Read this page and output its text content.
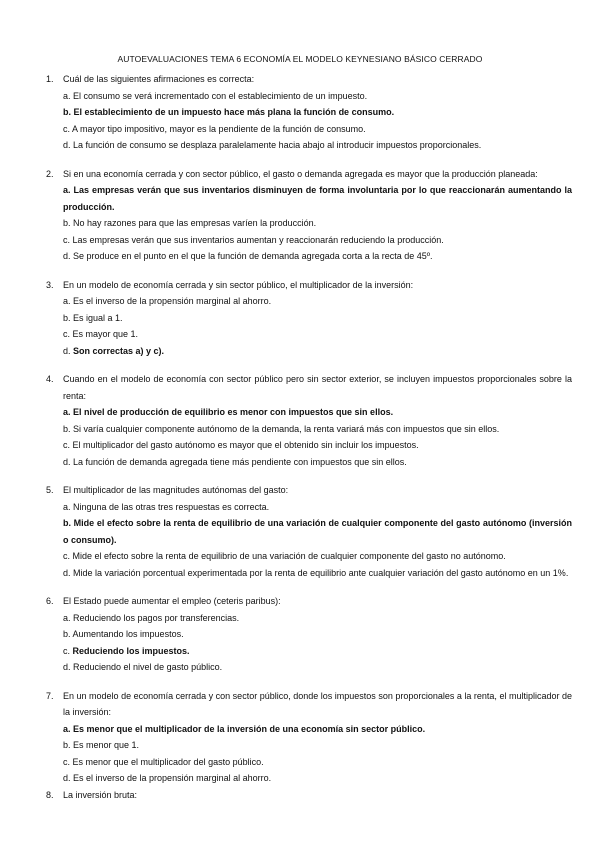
AUTOEVALUACIONES TEMA 6 ECONOMÍA EL MODELO KEYNESIANO BÁSICO CERRADO
1.	Cuál de las siguientes afirmaciones es correcta:
a. El consumo se verá incrementado con el establecimiento de un impuesto.
b. El establecimiento de un impuesto hace más plana la función de consumo.
c. A mayor tipo impositivo, mayor es la pendiente de la función de consumo.
d. La función de consumo se desplaza paralelamente hacia abajo al introducir impuestos proporcionales.
2.	Si en una economía cerrada y con sector público, el gasto o demanda agregada es mayor que la producción planeada:
a. Las empresas verán que sus inventarios disminuyen de forma involuntaria por lo que reaccionarán aumentando la producción.
b. No hay razones para que las empresas varíen la producción.
c. Las empresas verán que sus inventarios aumentan y reaccionarán reduciendo la producción.
d. Se produce en el punto en el que la función de demanda agregada corta a la recta de 45º.
3.	En un modelo de economía cerrada y sin sector público, el multiplicador de la inversión:
a. Es el inverso de la propensión marginal al ahorro.
b. Es igual a 1.
c. Es mayor que 1.
d. Son correctas a) y c).
4.	Cuando en el modelo de economía con sector público pero sin sector exterior, se incluyen impuestos proporcionales sobre la renta:
a. El nivel de producción de equilibrio es menor con impuestos que sin ellos.
b. Si varía cualquier componente autónomo de la demanda, la renta variará más con impuestos que sin ellos.
c. El multiplicador del gasto autónomo es mayor que el obtenido sin incluir los impuestos.
d. La función de demanda agregada tiene más pendiente con impuestos que sin ellos.
5.	El multiplicador de las magnitudes autónomas del gasto:
a. Ninguna de las otras tres respuestas es correcta.
b. Mide el efecto sobre la renta de equilibrio de una variación de cualquier componente del gasto autónomo (inversión o consumo).
c. Mide el efecto sobre la renta de equilibrio de una variación de cualquier componente del gasto no autónomo.
d. Mide la variación porcentual experimentada por la renta de equilibrio ante cualquier variación del gasto autónomo en un 1%.
6.	El Estado puede aumentar el empleo (ceteris paribus):
a. Reduciendo los pagos por transferencias.
b. Aumentando los impuestos.
c. Reduciendo los impuestos.
d. Reduciendo el nivel de gasto público.
7.	En un modelo de economía cerrada y con sector público, donde los impuestos son proporcionales a la renta, el multiplicador de la inversión:
a. Es menor que el multiplicador de la inversión de una economía sin sector público.
b. Es menor que 1.
c. Es menor que el multiplicador del gasto público.
d. Es el inverso de la propensión marginal al ahorro.
8.	La inversión bruta:
